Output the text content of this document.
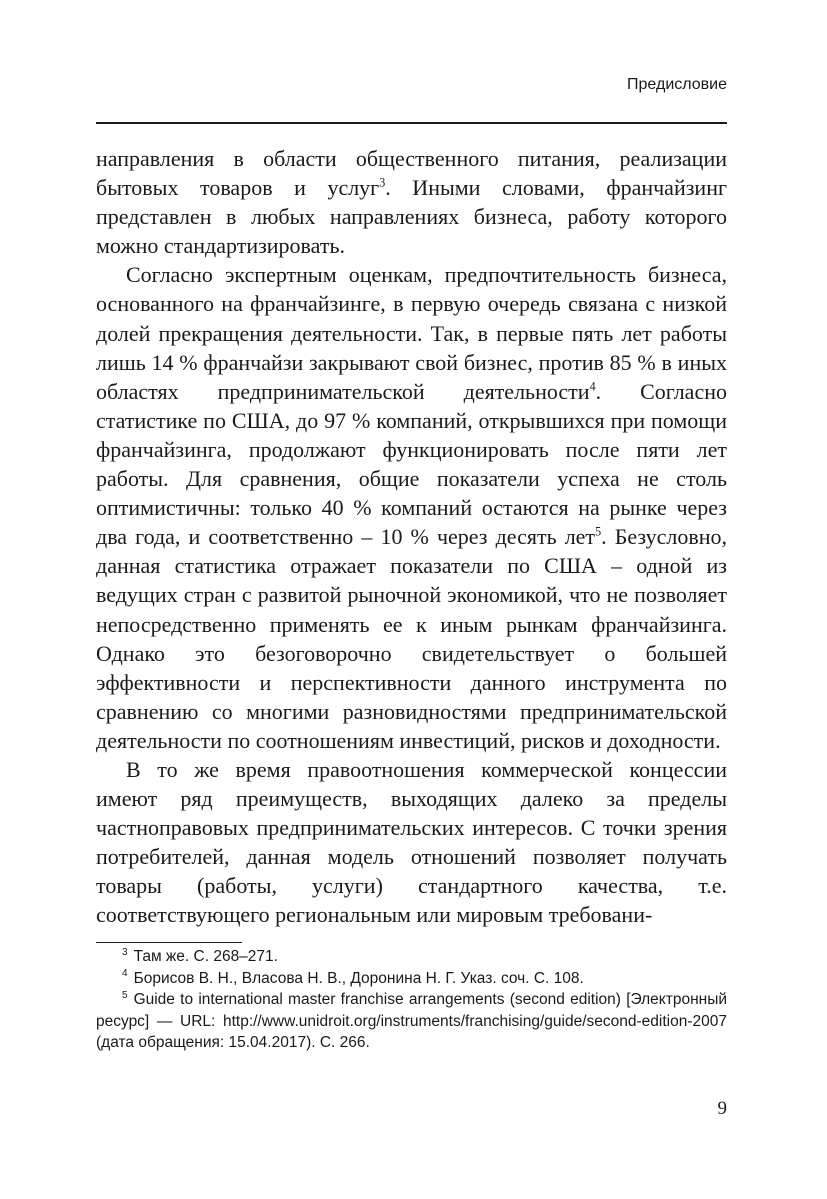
Предисловие

направления в области общественного питания, реализации бытовых товаров и услуг$^3$. Иными словами, франчайзинг представлен в любых направлениях бизнеса, работу которого можно стандартизировать.

Согласно экспертным оценкам, предпочтительность бизнеса, основанного на франчайзинге, в первую очередь связана с низкой долей прекращения деятельности. Так, в первые пять лет работы лишь 14 % франчайзи закрывают свой бизнес, против 85 % в иных областях предпринимательской деятельности$^4$. Согласно статистике по США, до 97 % компаний, открывшихся при помощи франчайзинга, продолжают функционировать после пяти лет работы. Для сравнения, общие показатели успеха не столь оптимистичны: только 40 % компаний остаются на рынке через два года, и соответственно – 10 % через десять лет$^5$. Безусловно, данная статистика отражает показатели по США – одной из ведущих стран с развитой рыночной экономикой, что не позволяет непосредственно применять ее к иным рынкам франчайзинга. Однако это безоговорочно свидетельствует о большей эффективности и перспективности данного инструмента по сравнению со многими разновидностями предпринимательской деятельности по соотношениям инвестиций, рисков и доходности.

В то же время правоотношения коммерческой концессии имеют ряд преимуществ, выходящих далеко за пределы частноправовых предпринимательских интересов. С точки зрения потребителей, данная модель отношений позволяет получать товары (работы, услуги) стандартного качества, т.е. соответствующего региональным или мировым требовани-

$^3$ Там же. С. 268–271.

$^4$ Борисов В. Н., Власова Н. В., Доронина Н. Г. Указ. соч. С. 108.

$^5$ Guide to international master franchise arrangements (second edition) [Электронный ресурс] — URL: http://www.unidroit.org/instruments/franchising/guide/second-edition-2007 (дата обращения: 15.04.2017). С. 266.

9
